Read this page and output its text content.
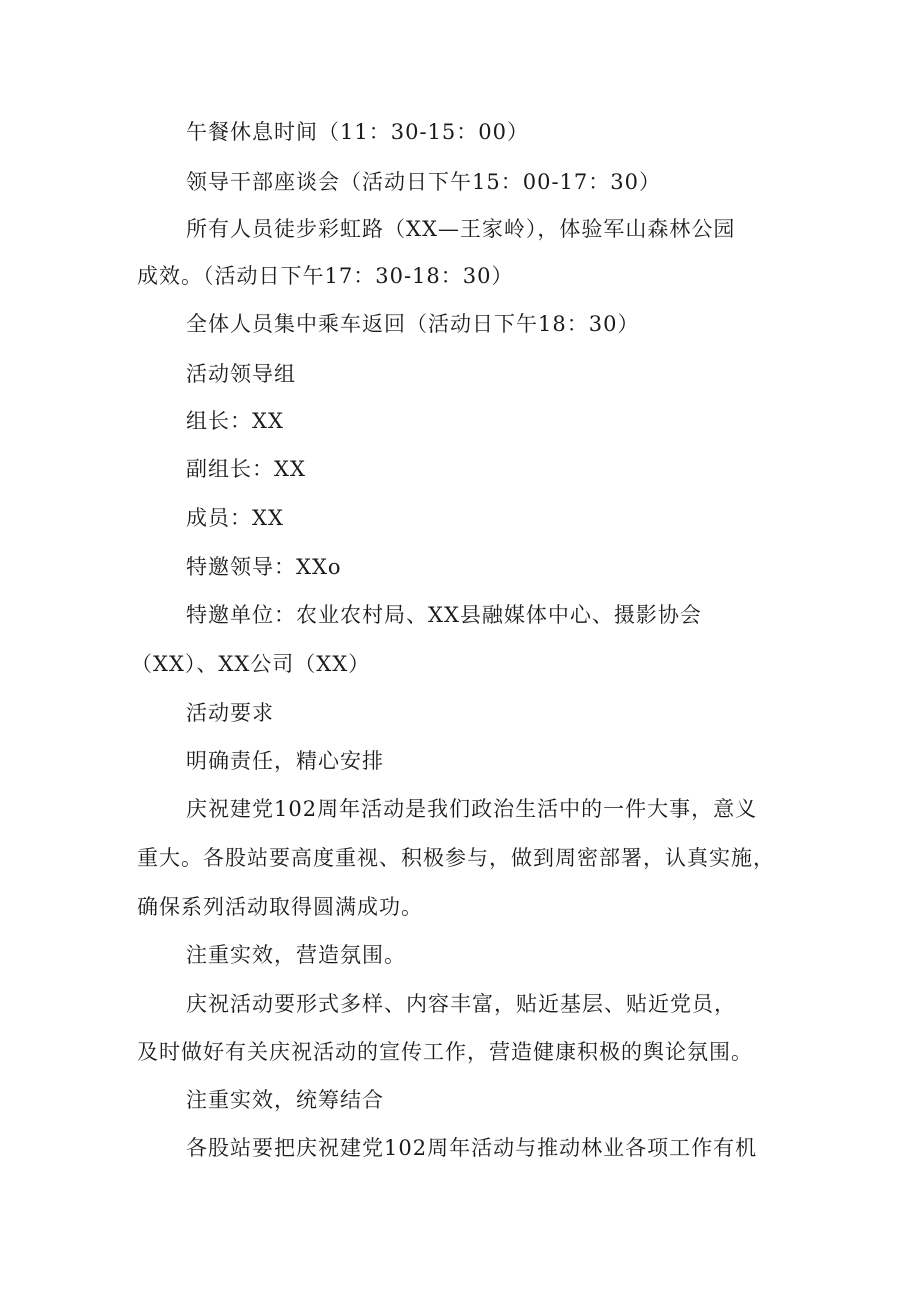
午餐休息时间（11：30-15：00）
领导干部座谈会（活动日下午15：00-17：30）
所有人员徒步彩虹路（XX—王家岭），体验军山森林公园
成效。（活动日下午17：30-18：30）
全体人员集中乘车返回（活动日下午18：30）
活动领导组
组长：XX
副组长：XX
成员：XX
特邀领导：XXo
特邀单位：农业农村局、XX县融媒体中心、摄影协会
（XX）、XX公司（XX）
活动要求
明确责任，精心安排
庆祝建党102周年活动是我们政治生活中的一件大事，意义
重大。各股站要高度重视、积极参与，做到周密部署，认真实施，
确保系列活动取得圆满成功。
注重实效，营造氛围。
庆祝活动要形式多样、内容丰富，贴近基层、贴近党员，
及时做好有关庆祝活动的宣传工作，营造健康积极的舆论氛围。
注重实效，统筹结合
各股站要把庆祝建党102周年活动与推动林业各项工作有机
